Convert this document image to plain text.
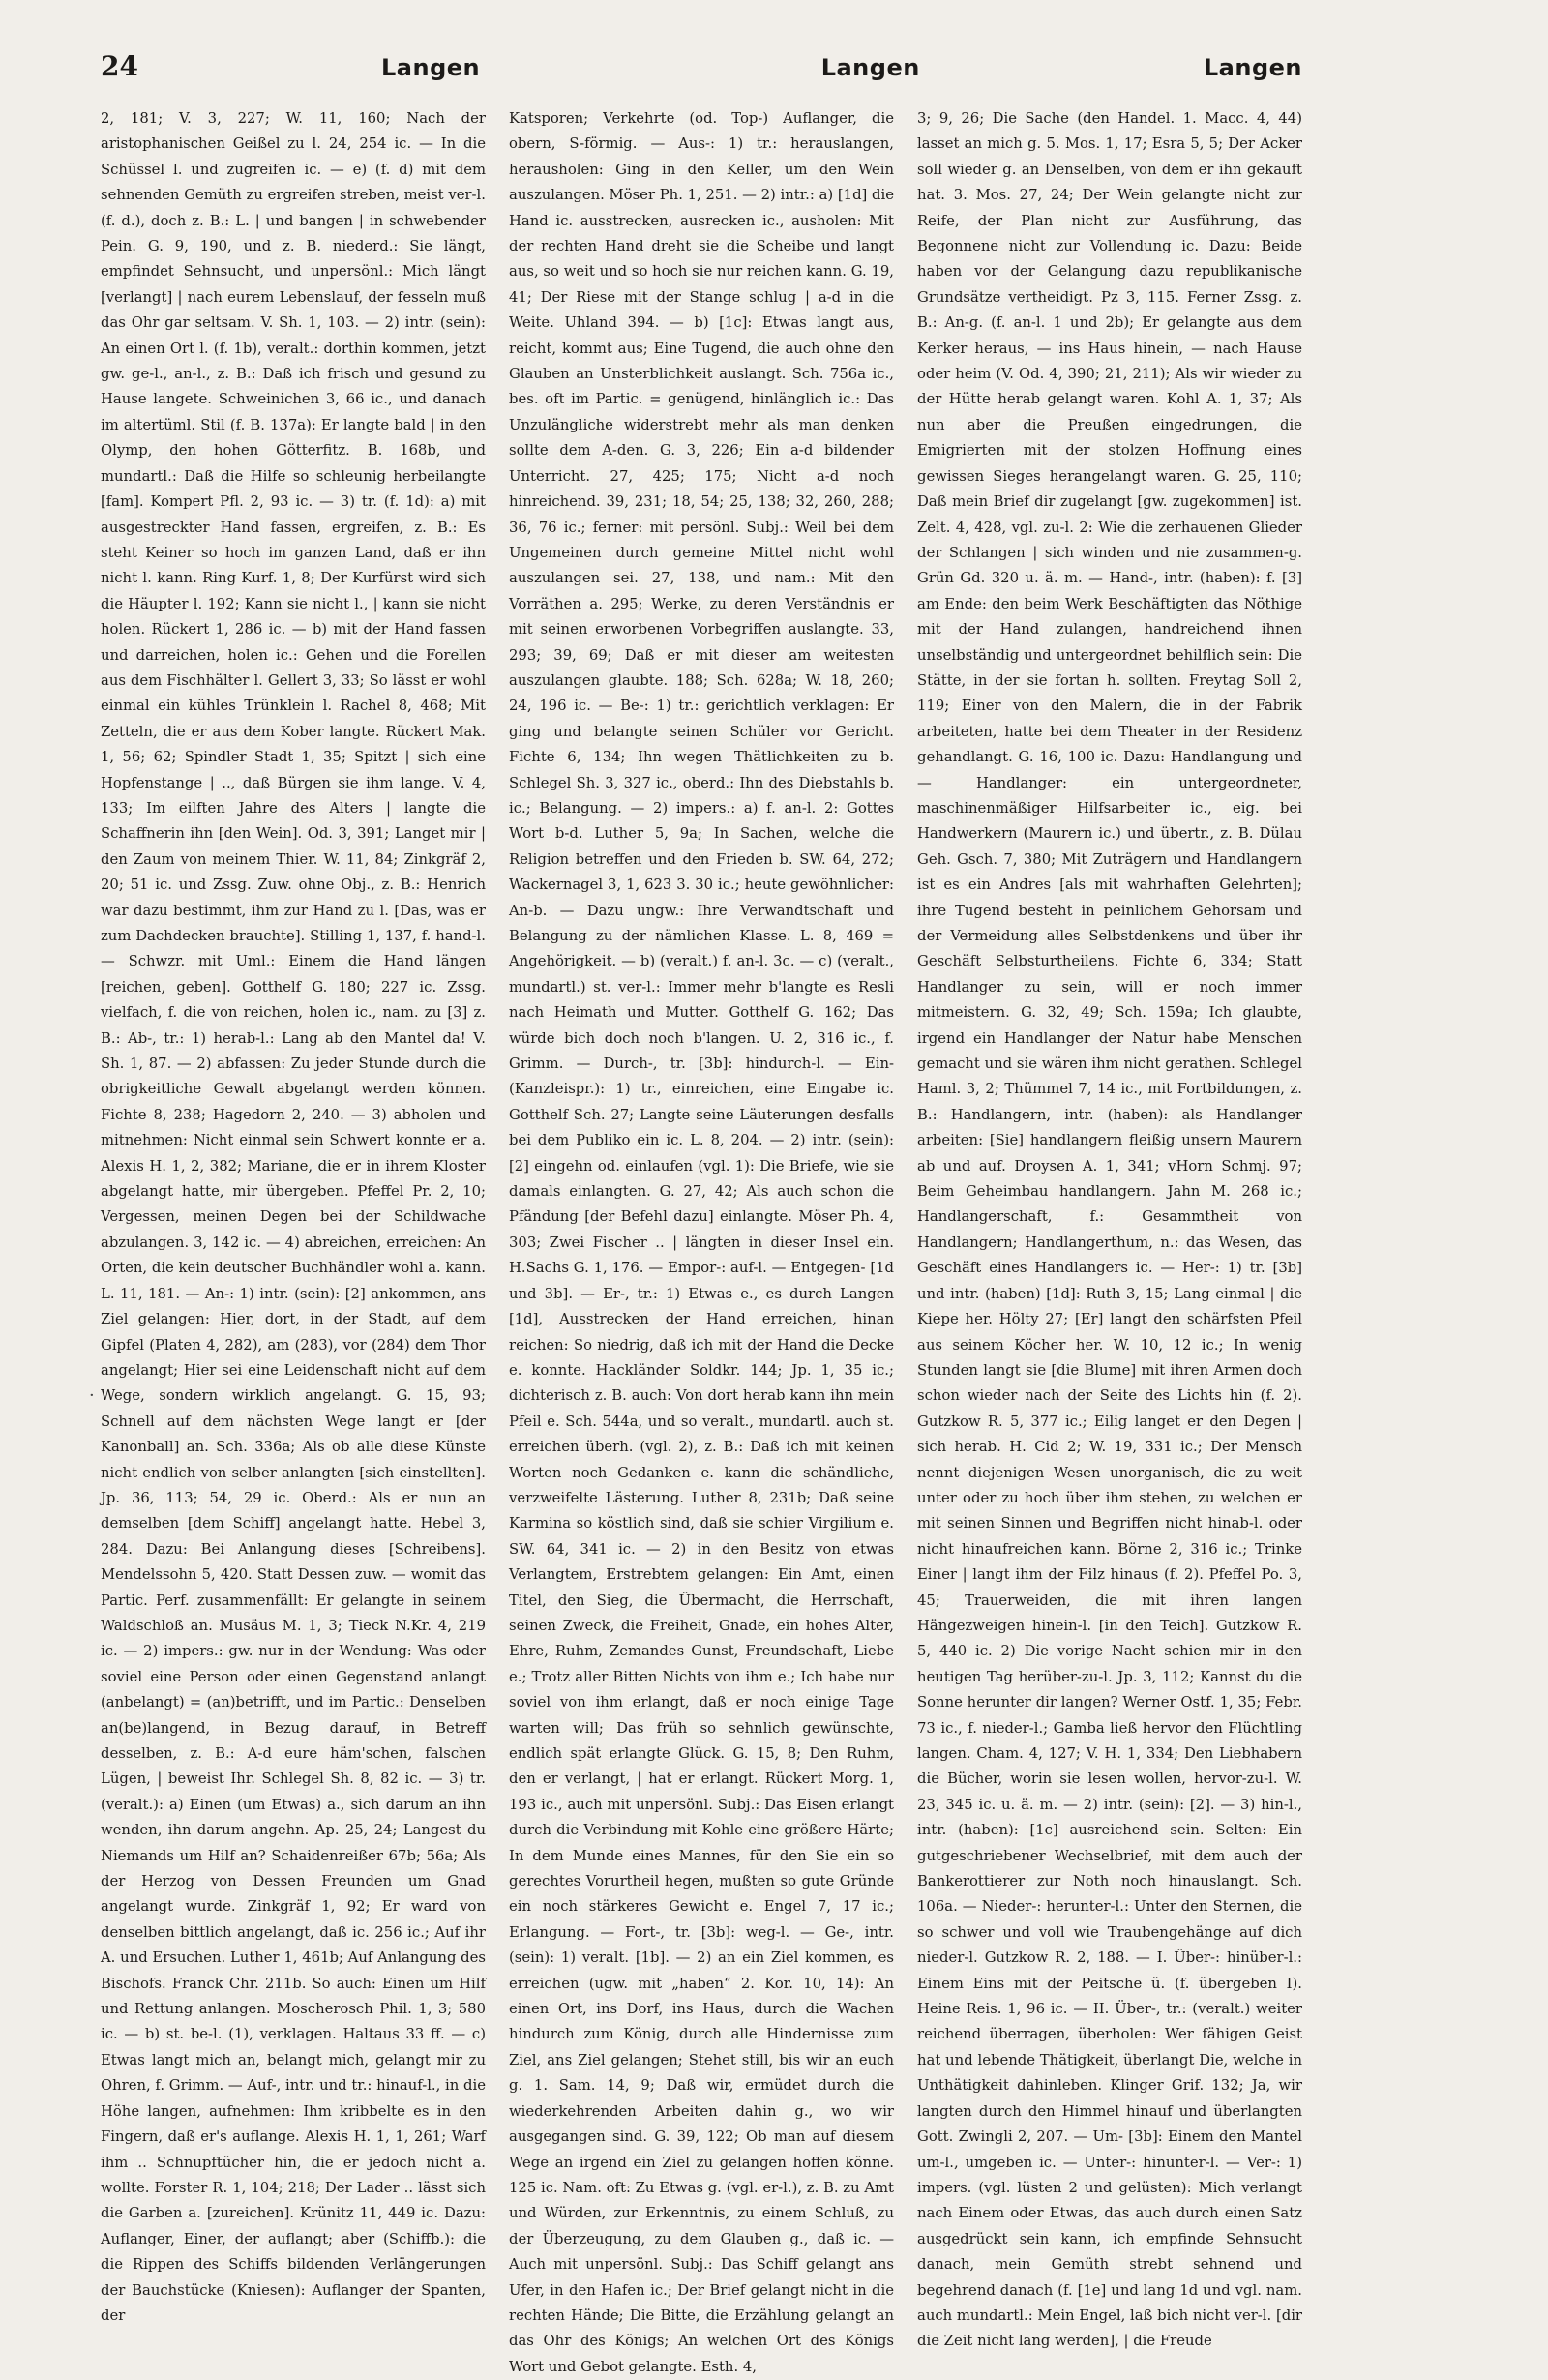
24	Langen	Langen	Langen

2, 181; V. 3, 227; W. 11, 160; Nach der aristophanischen Geißel zu l. 24, 254 ic. — In die Schüssel l. und zugreifen ic. — e) (f. d) mit dem sehnenden Gemüth zu ergreifen streben, meist ver-l. (f. d.), doch z. B.: L. | und bangen | in schwebender Pein. G. 9, 190, und z. B. niederd.: Sie längt, empfindet Sehnsucht, und unpersönl.: Mich längt [verlangt] | nach eurem Lebenslauf, der fesseln muß das Ohr gar seltsam. V. Sh. 1, 103. — 2) intr. (sein): An einen Ort l. (f. 1b), veralt.: dorthin kommen, jetzt gw. ge-l., an-l., z. B.: Daß ich frisch und gesund zu Hause langete. Schweinichen 3, 66 ic., und danach im altertüml. Stil (f. B. 137a): Er langte bald | in den Olymp, den hohen Götterfitz. B. 168b, und mundartl.: Daß die Hilfe so schleunig herbeilangte [fam]. Kompert Pfl. 2, 93 ic. — 3) tr. (f. 1d): a) mit ausgestreckter Hand fassen, ergreifen, z. B.: Es steht Keiner so hoch im ganzen Land, daß er ihn nicht l. kann. Ring Kurf. 1, 8; Der Kurfürst wird sich die Häupter l. 192; Kann sie nicht l., | kann sie nicht holen. Rückert 1, 286 ic. — b) mit der Hand fassen und darreichen, holen ic.: Gehen und die Forellen aus dem Fischhälter l. Gellert 3, 33; So lässt er wohl einmal ein kühles Trünklein l. Rachel 8, 468; Mit Zetteln, die er aus dem Kober langte. Rückert Mak. 1, 56; 62; Spindler Stadt 1, 35; Spitzt | sich eine Hopfenstange | .., daß Bürgen sie ihm lange. V. 4, 133; Im eilften Jahre des Alters | langte die Schaffnerin ihn [den Wein]. Od. 3, 391; Langet mir | den Zaum von meinem Thier. W. 11, 84; Zinkgräf 2, 20; 51 ic. und Zssg. Zuw. ohne Obj., z. B.: Henrich war dazu bestimmt, ihm zur Hand zu l. [Das, was er zum Dachdecken brauchte]. Stilling 1, 137, f. hand-l. — Schwzr. mit Uml.: Einem die Hand längen [reichen, geben]. Gotthelf G. 180; 227 ic. Zssg. vielfach, f. die von reichen, holen ic., nam. zu [3] z. B.: Ab-, tr.: 1) herab-l.: Lang ab den Mantel da! V. Sh. 1, 87. — 2) abfassen: Zu jeder Stunde durch die obrigkeitliche Gewalt abgelangt werden können. Fichte 8, 238; Hagedorn 2, 240. — 3) abholen und mitnehmen: Nicht einmal sein Schwert konnte er a. Alexis H. 1, 2, 382; Mariane, die er in ihrem Kloster abgelangt hatte, mir übergeben. Pfeffel Pr. 2, 10; Vergessen, meinen Degen bei der Schildwache abzulangen. 3, 142 ic. — 4) abreichen, erreichen: An Orten, die kein deutscher Buchhändler wohl a. kann. L. 11, 181. — An-: 1) intr. (sein): [2] ankommen, ans Ziel gelangen: Hier, dort, in der Stadt, auf dem Gipfel (Platen 4, 282), am (283), vor (284) dem Thor angelangt; Hier sei eine Leidenschaft nicht auf dem Wege, sondern wirklich angelangt. G. 15, 93; Schnell auf dem nächsten Wege langt er [der Kanonball] an. Sch. 336a; Als ob alle diese Künste nicht endlich von selber anlangten [sich einstellten]. Jp. 36, 113; 54, 29 ic. Oberd.: Als er nun an demselben [dem Schiff] angelangt hatte. Hebel 3, 284. Dazu: Bei Anlangung dieses [Schreibens]. Mendelssohn 5, 420. Statt Dessen zuw. — womit das Partic. Perf. zusammenfällt: Er gelangte in seinem Waldschloß an. Musäus M. 1, 3; Tieck N.Kr. 4, 219 ic. — 2) impers.: gw. nur in der Wendung: Was oder soviel eine Person oder einen Gegenstand anlangt (anbelangt) = (an)betrifft, und im Partic.: Denselben an(be)langend, in Bezug darauf, in Betreff desselben, z. B.: A-d eure häm'schen, falschen Lügen, | beweist Ihr. Schlegel Sh. 8, 82 ic. — 3) tr. (veralt.): a) Einen (um Etwas) a., sich darum an ihn wenden, ihn darum angehn. Ap. 25, 24; Langest du Niemands um Hilf an? Schaidenreißer 67b; 56a; Als der Herzog von Dessen Freunden um Gnad angelangt wurde. Zinkgräf 1, 92; Er ward von denselben bittlich angelangt, daß ic. 256 ic.; Auf ihr A. und Ersuchen. Luther 1, 461b; Auf Anlangung des Bischofs. Franck Chr. 211b. So auch: Einen um Hilf und Rettung anlangen. Moscherosch Phil. 1, 3; 580 ic. — b) st. be-l. (1), verklagen. Haltaus 33 ff. — c) Etwas langt mich an, belangt mich, gelangt mir zu Ohren, f. Grimm. — Auf-, intr. und tr.: hinauf-l., in die Höhe langen, aufnehmen: Ihm kribbelte es in den Fingern, daß er's auflange. Alexis H. 1, 1, 261; Warf ihm .. Schnupftücher hin, die er jedoch nicht a. wollte. Forster R. 1, 104; 218; Der Lader .. lässt sich die Garben a. [zureichen]. Krünitz 11, 449 ic. Dazu: Auflanger, Einer, der auflangt; aber (Schiffb.): die die Rippen des Schiffs bildenden Verlängerungen der Bauchstücke (Kniesen): Auflanger der Spanten, der

Katsporen; Verkehrte (od. Top-) Auflanger, die obern, S-förmig. — Aus-: 1) tr.: herauslangen, herausholen: Ging in den Keller, um den Wein auszulangen. Möser Ph. 1, 251. — 2) intr.: a) [1d] die Hand ic. ausstrecken, ausrecken ic., ausholen: Mit der rechten Hand dreht sie die Scheibe und langt aus, so weit und so hoch sie nur reichen kann. G. 19, 41; Der Riese mit der Stange schlug | a-d in die Weite. Uhland 394. — b) [1c]: Etwas langt aus, reicht, kommt aus; Eine Tugend, die auch ohne den Glauben an Unsterblichkeit auslangt. Sch. 756a ic., bes. oft im Partic. = genügend, hinlänglich ic.: Das Unzulängliche widerstrebt mehr als man denken sollte dem A-den. G. 3, 226; Ein a-d bildender Unterricht. 27, 425; 175; Nicht a-d noch hinreichend. 39, 231; 18, 54; 25, 138; 32, 260, 288; 36, 76 ic.; ferner: mit persönl. Subj.: Weil bei dem Ungemeinen durch gemeine Mittel nicht wohl auszulangen sei. 27, 138, und nam.: Mit den Vorräthen a. 295; Werke, zu deren Verständnis er mit seinen erworbenen Vorbegriffen auslangte. 33, 293; 39, 69; Daß er mit dieser am weitesten auszulangen glaubte. 188; Sch. 628a; W. 18, 260; 24, 196 ic. — Be-: 1) tr.: gerichtlich verklagen: Er ging und belangte seinen Schüler vor Gericht. Fichte 6, 134; Ihn wegen Thätlichkeiten zu b. Schlegel Sh. 3, 327 ic., oberd.: Ihn des Diebstahls b. ic.; Belangung. — 2) impers.: a) f. an-l. 2: Gottes Wort b-d. Luther 5, 9a; In Sachen, welche die Religion betreffen und den Frieden b. SW. 64, 272; Wackernagel 3, 1, 623 3. 30 ic.; heute gewöhnlicher: An-b. — Dazu ungw.: Ihre Verwandtschaft und Belangung zu der nämlichen Klasse. L. 8, 469 = Angehörigkeit. — b) (veralt.) f. an-l. 3c. — c) (veralt., mundartl.) st. ver-l.: Immer mehr b'langte es Resli nach Heimath und Mutter. Gotthelf G. 162; Das würde bich doch noch b'langen. U. 2, 316 ic., f. Grimm. — Durch-, tr. [3b]: hindurch-l. — Ein- (Kanzleispr.): 1) tr., einreichen, eine Eingabe ic. Gotthelf Sch. 27; Langte seine Läuterungen desfalls bei dem Publiko ein ic. L. 8, 204. — 2) intr. (sein): [2] eingehn od. einlaufen (vgl. 1): Die Briefe, wie sie damals einlangten. G. 27, 42; Als auch schon die Pfändung [der Befehl dazu] einlangte. Möser Ph. 4, 303; Zwei Fischer .. | längten in dieser Insel ein. H.Sachs G. 1, 176. — Empor-: auf-l. — Entgegen- [1d und 3b]. — Er-, tr.: 1) Etwas e., es durch Langen [1d], Ausstrecken der Hand erreichen, hinan reichen: So niedrig, daß ich mit der Hand die Decke e. konnte. Hackländer Soldkr. 144; Jp. 1, 35 ic.; dichterisch z. B. auch: Von dort herab kann ihn mein Pfeil e. Sch. 544a, und so veralt., mundartl. auch st. erreichen überh. (vgl. 2), z. B.: Daß ich mit keinen Worten noch Gedanken e. kann die schändliche, verzweifelte Lästerung. Luther 8, 231b; Daß seine Karmina so köstlich sind, daß sie schier Virgilium e. SW. 64, 341 ic. — 2) in den Besitz von etwas Verlangtem, Erstrebtem gelangen: Ein Amt, einen Titel, den Sieg, die Übermacht, die Herrschaft, seinen Zweck, die Freiheit, Gnade, ein hohes Alter, Ehre, Ruhm, Zemandes Gunst, Freundschaft, Liebe e.; Trotz aller Bitten Nichts von ihm e.; Ich habe nur soviel von ihm erlangt, daß er noch einige Tage warten will; Das früh so sehnlich gewünschte, endlich spät erlangte Glück. G. 15, 8; Den Ruhm, den er verlangt, | hat er erlangt. Rückert Morg. 1, 193 ic., auch mit unpersönl. Subj.: Das Eisen erlangt durch die Verbindung mit Kohle eine größere Härte; In dem Munde eines Mannes, für den Sie ein so gerechtes Vorurtheil hegen, mußten so gute Gründe ein noch stärkeres Gewicht e. Engel 7, 17 ic.; Erlangung. — Fort-, tr. [3b]: weg-l. — Ge-, intr. (sein): 1) veralt. [1b]. — 2) an ein Ziel kommen, es erreichen (ugw. mit „haben“ 2. Kor. 10, 14): An einen Ort, ins Dorf, ins Haus, durch die Wachen hindurch zum König, durch alle Hindernisse zum Ziel, ans Ziel gelangen; Stehet still, bis wir an euch g. 1. Sam. 14, 9; Daß wir, ermüdet durch die wiederkehrenden Arbeiten dahin g., wo wir ausgegangen sind. G. 39, 122; Ob man auf diesem Wege an irgend ein Ziel zu gelangen hoffen könne. 125 ic. Nam. oft: Zu Etwas g. (vgl. er-l.), z. B. zu Amt und Würden, zur Erkenntnis, zu einem Schluß, zu der Überzeugung, zu dem Glauben g., daß ic. — Auch mit unpersönl. Subj.: Das Schiff gelangt ans Ufer, in den Hafen ic.; Der Brief gelangt nicht in die rechten Hände; Die Bitte, die Erzählung gelangt an das Ohr des Königs; An welchen Ort des Königs Wort und Gebot gelangte. Esth. 4,

3; 9, 26; Die Sache (den Handel. 1. Macc. 4, 44) lasset an mich g. 5. Mos. 1, 17; Esra 5, 5; Der Acker soll wieder g. an Denselben, von dem er ihn gekauft hat. 3. Mos. 27, 24; Der Wein gelangte nicht zur Reife, der Plan nicht zur Ausführung, das Begonnene nicht zur Vollendung ic. Dazu: Beide haben vor der Gelangung dazu republikanische Grundsätze vertheidigt. Pz 3, 115. Ferner Zssg. z. B.: An-g. (f. an-l. 1 und 2b); Er gelangte aus dem Kerker heraus, — ins Haus hinein, — nach Hause oder heim (V. Od. 4, 390; 21, 211); Als wir wieder zu der Hütte herab gelangt waren. Kohl A. 1, 37; Als nun aber die Preußen eingedrungen, die Emigrierten mit der stolzen Hoffnung eines gewissen Sieges herangelangt waren. G. 25, 110; Daß mein Brief dir zugelangt [gw. zugekommen] ist. Zelt. 4, 428, vgl. zu-l. 2: Wie die zerhauenen Glieder der Schlangen | sich winden und nie zusammen-g. Grün Gd. 320 u. ä. m. — Hand-, intr. (haben): f. [3] am Ende: den beim Werk Beschäftigten das Nöthige mit der Hand zulangen, handreichend ihnen unselbständig und untergeordnet behilflich sein: Die Stätte, in der sie fortan h. sollten. Freytag Soll 2, 119; Einer von den Malern, die in der Fabrik arbeiteten, hatte bei dem Theater in der Residenz gehandlangt. G. 16, 100 ic. Dazu: Handlangung und — Handlanger: ein untergeordneter, maschinenmäßiger Hilfsarbeiter ic., eig. bei Handwerkern (Maurern ic.) und übertr., z. B. Dülau Geh. Gsch. 7, 380; Mit Zuträgern und Handlangern ist es ein Andres [als mit wahrhaften Gelehrten]; ihre Tugend besteht in peinlichem Gehorsam und der Vermeidung alles Selbstdenkens und über ihr Geschäft Selbsturtheilens. Fichte 6, 334; Statt Handlanger zu sein, will er noch immer mitmeistern. G. 32, 49; Sch. 159a; Ich glaubte, irgend ein Handlanger der Natur habe Menschen gemacht und sie wären ihm nicht gerathen. Schlegel Haml. 3, 2; Thümmel 7, 14 ic., mit Fortbildungen, z. B.: Handlangern, intr. (haben): als Handlanger arbeiten: [Sie] handlangern fleißig unsern Maurern ab und auf. Droysen A. 1, 341; vHorn Schmj. 97; Beim Geheimbau handlangern. Jahn M. 268 ic.; Handlangerschaft, f.: Gesammtheit von Handlangern; Handlangerthum, n.: das Wesen, das Geschäft eines Handlangers ic. — Her-: 1) tr. [3b] und intr. (haben) [1d]: Ruth 3, 15; Lang einmal | die Kiepe her. Hölty 27; [Er] langt den schärfsten Pfeil aus seinem Köcher her. W. 10, 12 ic.; In wenig Stunden langt sie [die Blume] mit ihren Armen doch schon wieder nach der Seite des Lichts hin (f. 2). Gutzkow R. 5, 377 ic.; Eilig langet er den Degen | sich herab. H. Cid 2; W. 19, 331 ic.; Der Mensch nennt diejenigen Wesen unorganisch, die zu weit unter oder zu hoch über ihm stehen, zu welchen er mit seinen Sinnen und Begriffen nicht hinab-l. oder nicht hinaufreichen kann. Börne 2, 316 ic.; Trinke Einer | langt ihm der Filz hinaus (f. 2). Pfeffel Po. 3, 45; Trauerweiden, die mit ihren langen Hängezweigen hinein-l. [in den Teich]. Gutzkow R. 5, 440 ic. 2) Die vorige Nacht schien mir in den heutigen Tag herüber-zu-l. Jp. 3, 112; Kannst du die Sonne herunter dir langen? Werner Ostf. 1, 35; Febr. 73 ic., f. nieder-l.; Gamba ließ hervor den Flüchtling langen. Cham. 4, 127; V. H. 1, 334; Den Liebhabern die Bücher, worin sie lesen wollen, hervor-zu-l. W. 23, 345 ic. u. ä. m. — 2) intr. (sein): [2]. — 3) hin-l., intr. (haben): [1c] ausreichend sein. Selten: Ein gutgeschriebener Wechselbrief, mit dem auch der Bankerottierer zur Noth noch hinauslangt. Sch. 106a. — Nieder-: herunter-l.: Unter den Sternen, die so schwer und voll wie Traubengehänge auf dich nieder-l. Gutzkow R. 2, 188. — I. Über-: hinüber-l.: Einem Eins mit der Peitsche ü. (f. übergeben I). Heine Reis. 1, 96 ic. — II. Über-, tr.: (veralt.) weiter reichend überragen, überholen: Wer fähigen Geist hat und lebende Thätigkeit, überlangt Die, welche in Unthätigkeit dahinleben. Klinger Grif. 132; Ja, wir langten durch den Himmel hinauf und überlangten Gott. Zwingli 2, 207. — Um- [3b]: Einem den Mantel um-l., umgeben ic. — Unter-: hinunter-l. — Ver-: 1) impers. (vgl. lüsten 2 und gelüsten): Mich verlangt nach Einem oder Etwas, das auch durch einen Satz ausgedrückt sein kann, ich empfinde Sehnsucht danach, mein Gemüth strebt sehnend und begehrend danach (f. [1e] und lang 1d und vgl. nam. auch mundartl.: Mein Engel, laß bich nicht ver-l. [dir die Zeit nicht lang werden], | die Freude

·
